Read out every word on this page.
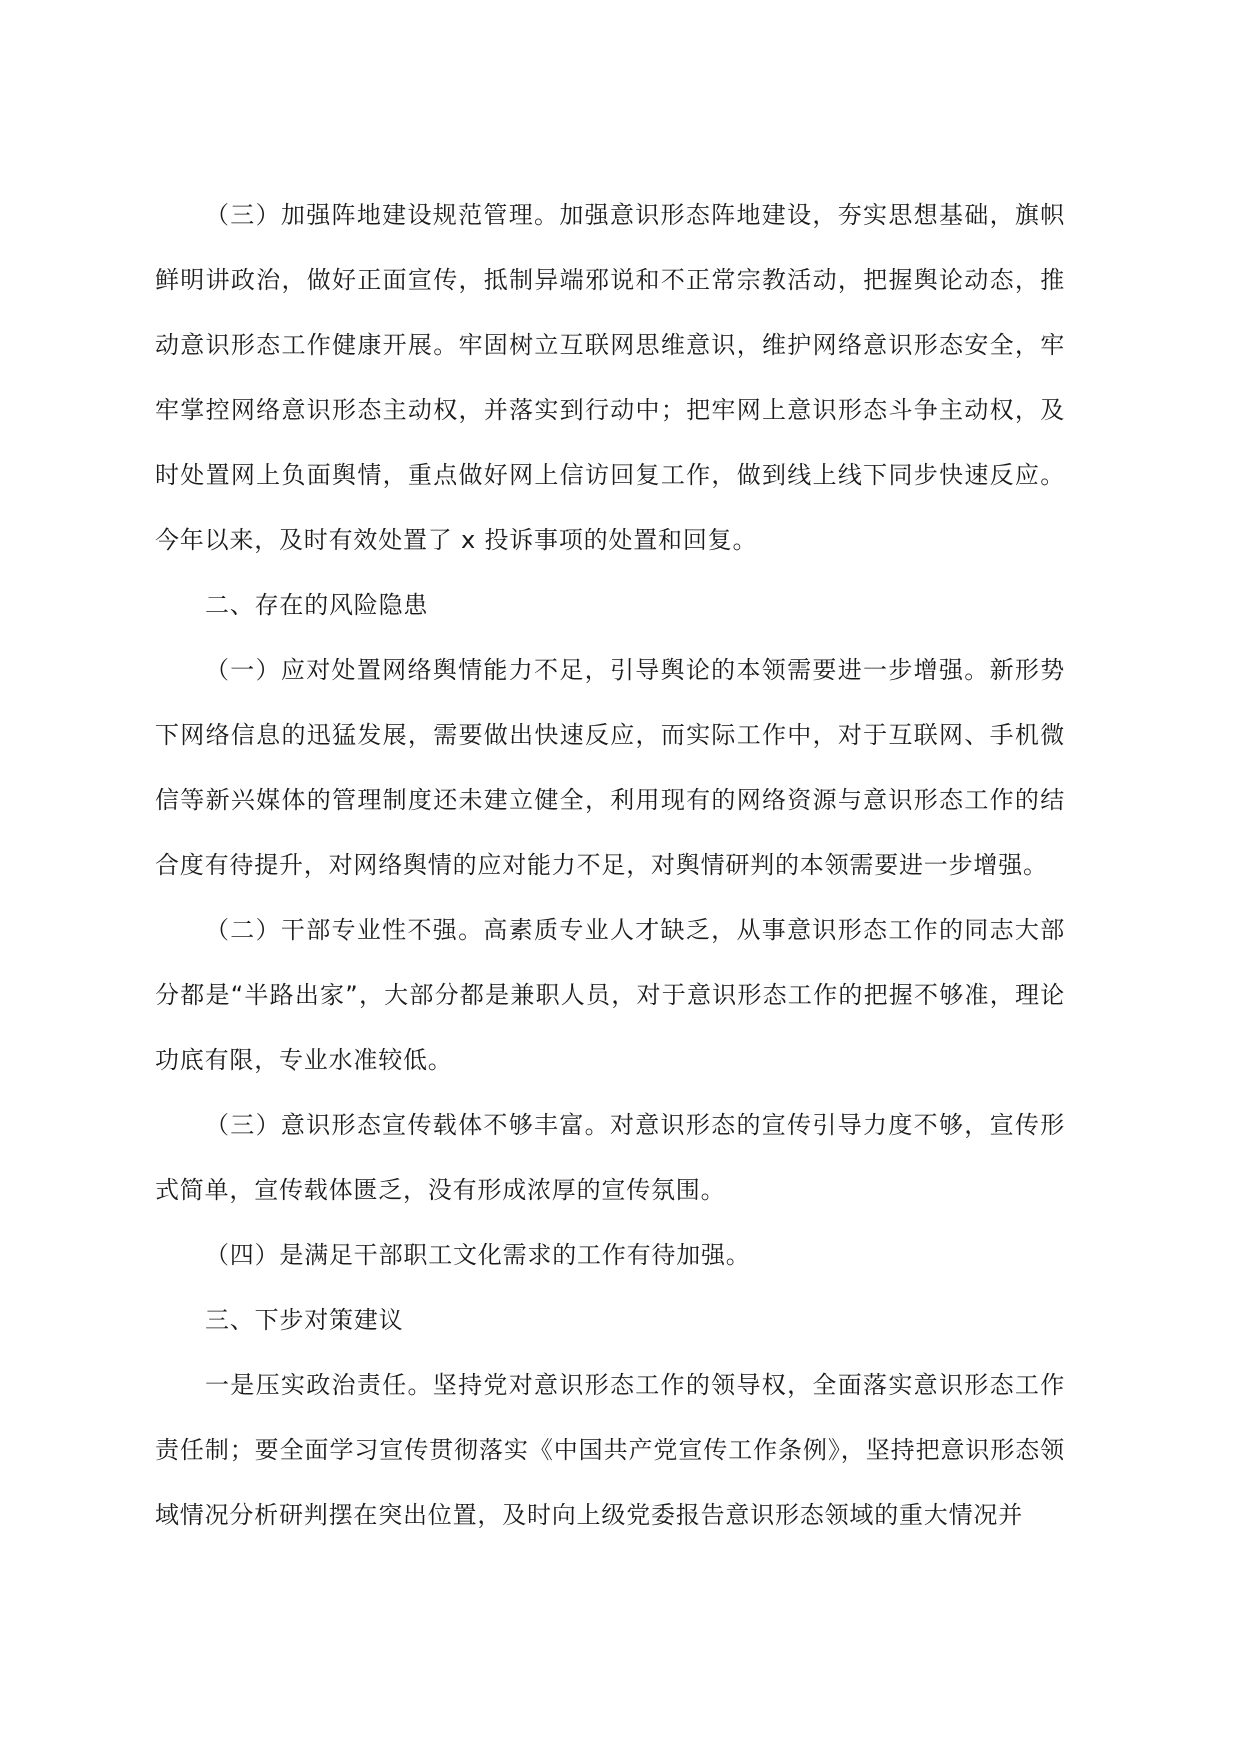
（三）加强阵地建设规范管理。加强意识形态阵地建设，夯实思想基础，旗帜鲜明讲政治，做好正面宣传，抵制异端邪说和不正常宗教活动，把握舆论动态，推动意识形态工作健康开展。牢固树立互联网思维意识，维护网络意识形态安全，牢牢掌控网络意识形态主动权，并落实到行动中；把牢网上意识形态斗争主动权，及时处置网上负面舆情，重点做好网上信访回复工作，做到线上线下同步快速反应。今年以来，及时有效处置了 x 投诉事项的处置和回复。

二、存在的风险隐患

（一）应对处置网络舆情能力不足，引导舆论的本领需要进一步增强。新形势下网络信息的迅猛发展，需要做出快速反应，而实际工作中，对于互联网、手机微信等新兴媒体的管理制度还未建立健全，利用现有的网络资源与意识形态工作的结合度有待提升，对网络舆情的应对能力不足，对舆情研判的本领需要进一步增强。

（二）干部专业性不强。高素质专业人才缺乏，从事意识形态工作的同志大部分都是“半路出家”，大部分都是兼职人员，对于意识形态工作的把握不够准，理论功底有限，专业水准较低。

（三）意识形态宣传载体不够丰富。对意识形态的宣传引导力度不够，宣传形式简单，宣传载体匮乏，没有形成浓厚的宣传氛围。

（四）是满足干部职工文化需求的工作有待加强。

三、下步对策建议

一是压实政治责任。坚持党对意识形态工作的领导权，全面落实意识形态工作责任制；要全面学习宣传贯彻落实《中国共产党宣传工作条例》，坚持把意识形态领域情况分析研判摆在突出位置，及时向上级党委报告意识形态领域的重大情况并
